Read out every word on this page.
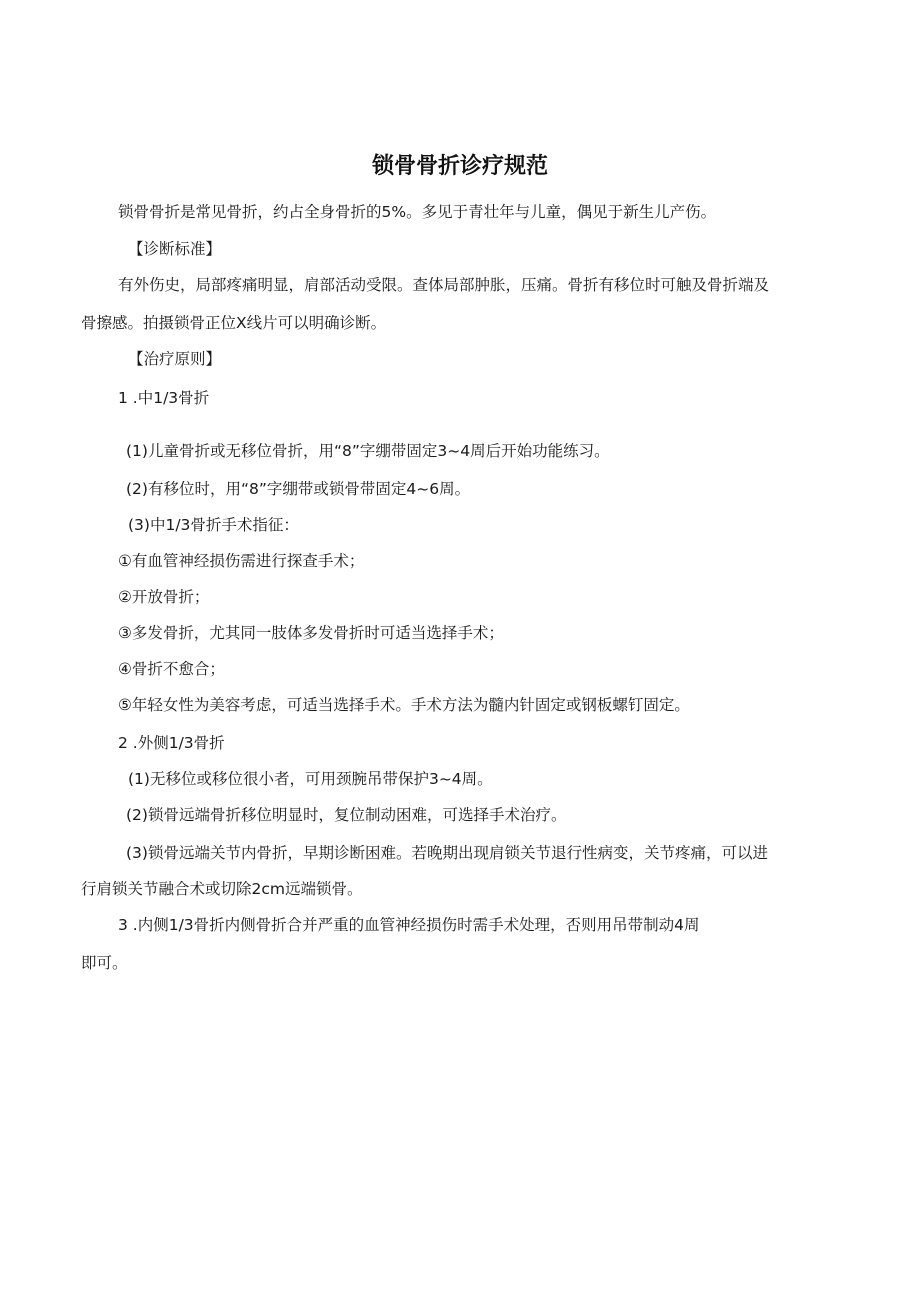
锁骨骨折诊疗规范
锁骨骨折是常见骨折，约占全身骨折的5%。多见于青壮年与儿童，偶见于新生儿产伤。
【诊断标准】
有外伤史，局部疼痛明显，肩部活动受限。查体局部肿胀，压痛。骨折有移位时可触及骨折端及
骨擦感。拍摄锁骨正位X线片可以明确诊断。
【治疗原则】
1 .中1/3骨折
(1)儿童骨折或无移位骨折，用“8”字绷带固定3~4周后开始功能练习。
(2)有移位时，用“8”字绷带或锁骨带固定4~6周。
(3)中1/3骨折手术指征：
①有血管神经损伤需进行探查手术；
②开放骨折；
③多发骨折，尤其同一肢体多发骨折时可适当选择手术；
④骨折不愈合；
⑤年轻女性为美容考虑，可适当选择手术。手术方法为髓内针固定或钢板螺钉固定。
2 .外侧1/3骨折
(1)无移位或移位很小者，可用颈腕吊带保护3~4周。
(2)锁骨远端骨折移位明显时，复位制动困难，可选择手术治疗。
(3)锁骨远端关节内骨折，早期诊断困难。若晚期出现肩锁关节退行性病变，关节疼痛，可以进
行肩锁关节融合术或切除2cm远端锁骨。
3 .内侧1/3骨折内侧骨折合并严重的血管神经损伤时需手术处理，否则用吊带制动4周
即可。
